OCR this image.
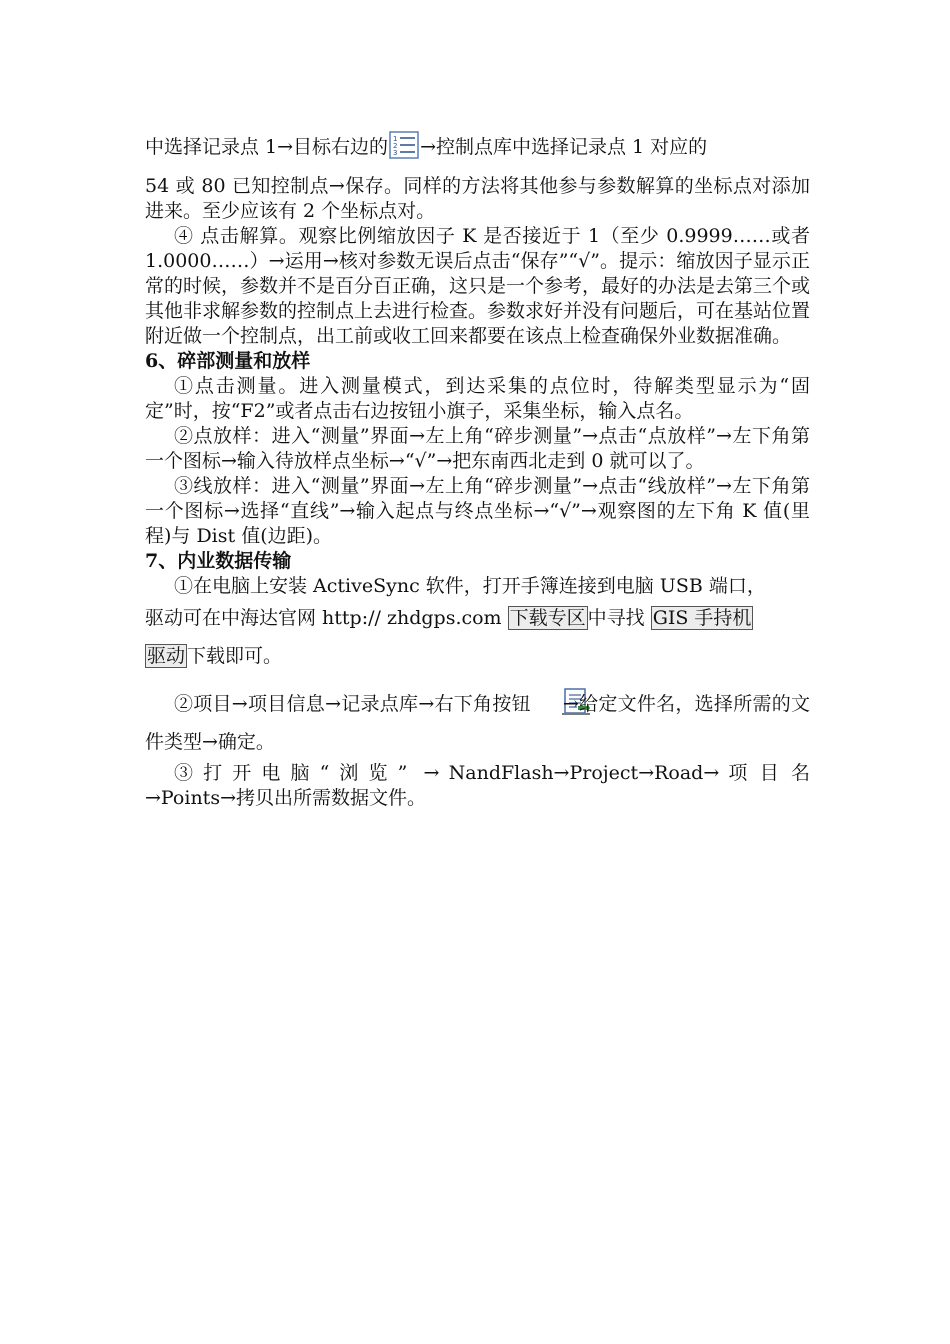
中选择记录点 1→目标右边的 1
2
3 →控制点库中选择记录点 1 对应的

54 或 80 已知控制点→保存。同样的方法将其他参与参数解算的坐标点对添加进来。至少应该有 2 个坐标点对。

④ 点击解算。观察比例缩放因子 K 是否接近于 1（至少 0.9999……或者 1.0000……）→运用→核对参数无误后点击“保存”“√”。提示：缩放因子显示正常的时候，参数并不是百分百正确，这只是一个参考，最好的办法是去第三个或其他非求解参数的控制点上去进行检查。参数求好并没有问题后，可在基站位置附近做一个控制点，出工前或收工回来都要在该点上检查确保外业数据准确。

6、碎部测量和放样

①点击测量。进入测量模式，到达采集的点位时，待解类型显示为“固定”时，按“F2”或者点击右边按钮小旗子，采集坐标，输入点名。

②点放样：进入“测量”界面→左上角“碎步测量”→点击“点放样”→左下角第一个图标→输入待放样点坐标→“√”→把东南西北走到 0 就可以了。

③线放样：进入“测量”界面→左上角“碎步测量”→点击“线放样”→左下角第一个图标→选择“直线”→输入起点与终点坐标→“√”→观察图的左下角 K 值(里程)与 Dist 值(边距)。

7、内业数据传输

①在电脑上安装 ActiveSync 软件，打开手簿连接到电脑 USB 端口，

驱动可在中海达官网 http:// zhdgps.com 下载专区 中寻找 GIS 手持机
驱动 下载即可。

②项目→项目信息→记录点库→右下角按钮 →给定文件名，选择所需的文件类型→确定。

③打开电脑“浏览” → NandFlash→Project→Road→ 项 目 名→Points→拷贝出所需数据文件。
